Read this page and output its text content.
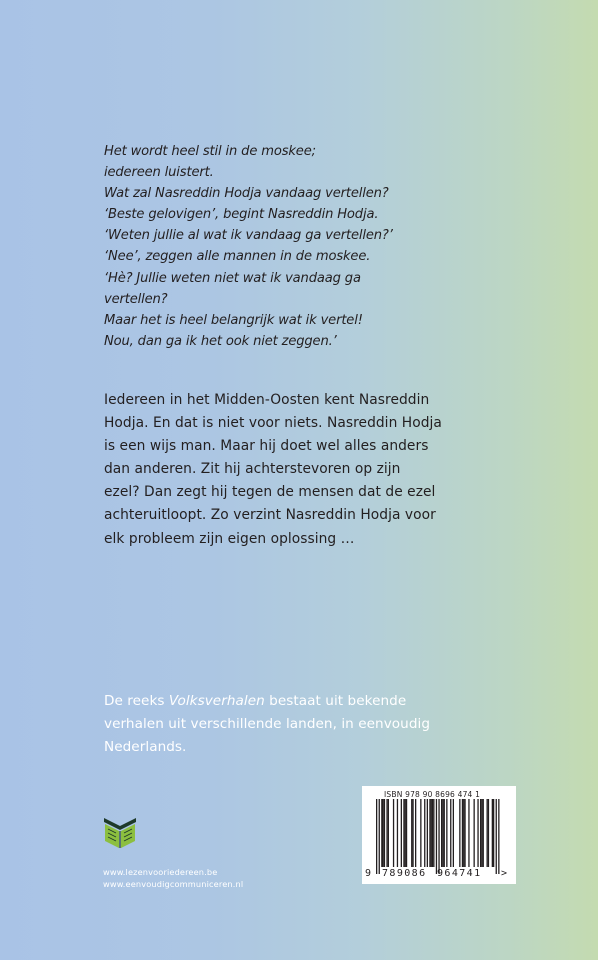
Het wordt heel stil in de moskee;
iedereen luistert.
Wat zal Nasreddin Hodja vandaag vertellen?
‘Beste gelovigen’, begint Nasreddin Hodja.
‘Weten jullie al wat ik vandaag ga vertellen?’
‘Nee’, zeggen alle mannen in de moskee.
‘Hè? Jullie weten niet wat ik vandaag ga
vertellen?
Maar het is heel belangrijk wat ik vertel!
Nou, dan ga ik het ook niet zeggen.’
Iedereen in het Midden-Oosten kent Nasreddin
Hodja. En dat is niet voor niets. Nasreddin Hodja
is een wijs man. Maar hij doet wel alles anders
dan anderen. Zit hij achterstevoren op zijn
ezel? Dan zegt hij tegen de mensen dat de ezel
achteruitloopt. Zo verzint Nasreddin Hodja voor
elk probleem zijn eigen oplossing …
De reeks Volksverhalen bestaat uit bekende
verhalen uit verschillende landen, in eenvoudig
Nederlands.
www.lezenvooriedereen.be
www.eenvoudigcommuniceren.nl
ISBN 978 90 8696 474 1
9 789086 964741 >
